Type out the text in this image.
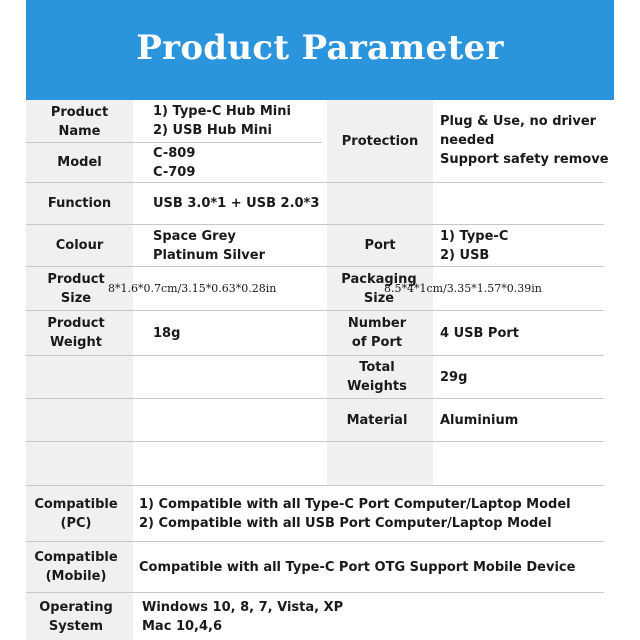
Product Parameter
Product
Name
1) Type-C Hub Mini
2) USB Hub Mini
Model
C-809
C-709
Protection
Plug & Use, no driver
needed
Support safety remove
Function	USB 3.0*1 + USB 2.0*3
Colour
Space Grey
Platinum Silver
Port
1) Type-C
2) USB
Product
Size
8*1.6*0.7cm/3.15*0.63*0.28in
Packaging
Size
8.5*4*1cm/3.35*1.57*0.39in
Product
Weight
18g
Number
of Port
4 USB Port
Total
Weights
29g
Material	Aluminium
Compatible
(PC)
1) Compatible with all Type-C Port Computer/Laptop Model
2) Compatible with all USB Port Computer/Laptop Model
Compatible
(Mobile)
Compatible with all Type-C Port OTG Support Mobile Device
Operating
System
Windows 10, 8, 7, Vista, XP
Mac 10,4,6
